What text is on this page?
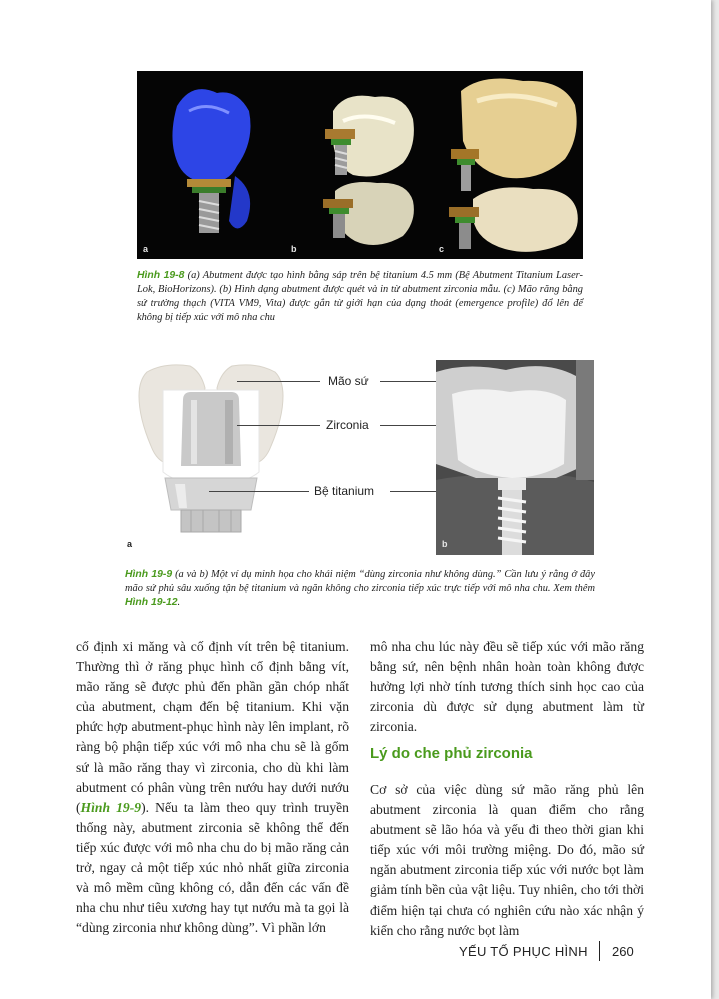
a	b	c
Hình 19-8 (a) Abutment được tạo hình bằng sáp trên bệ titanium 4.5 mm (Bệ Abutment Titanium Laser-Lok, BioHorizons). (b) Hình dạng abutment được quét và in từ abutment zirconia mẫu. (c) Mão răng bằng sứ trường thạch (VITA VM9, Vita) được gắn từ giới hạn của dạng thoát (emergence profile) đổ lên để không bị tiếp xúc với mô nha chu
Mão sứ
Zirconia
Bệ titanium
a	b
Hình 19-9 (a và b) Một ví dụ minh họa cho khái niệm “dùng zirconia như không dùng.” Cần lưu ý rằng ở đây mão sứ phủ sâu xuống tận bệ titanium và ngăn không cho zirconia tiếp xúc trực tiếp với mô nha chu. Xem thêm Hình 19-12.

cố định xi măng và cố định vít trên bệ titanium. Thường thì ở răng phục hình cố định bằng vít, mão răng sẽ được phủ đến phần gần chóp nhất của abutment, chạm đến bệ titanium. Khi vặn phức hợp abutment-phục hình này lên implant, rõ ràng bộ phận tiếp xúc với mô nha chu sẽ là gốm sứ là mão răng thay vì zirconia, cho dù khi làm abutment có phân vùng trên nướu hay dưới nướu (Hình 19-9). Nếu ta làm theo quy trình truyền thống này, abutment zirconia sẽ không thể đến tiếp xúc được với mô nha chu do bị mão răng cản trở, ngay cả một tiếp xúc nhỏ nhất giữa zirconia và mô mềm cũng không có, dẫn đến các vấn đề nha chu như tiêu xương hay tụt nướu mà ta gọi là “dùng zirconia như không dùng”. Vì phần lớn

mô nha chu lúc này đều sẽ tiếp xúc với mão răng bằng sứ, nên bệnh nhân hoàn toàn không được hưởng lợi nhờ tính tương thích sinh học cao của zirconia dù được sử dụng abutment làm từ zirconia.

Lý do che phủ zirconia

Cơ sở của việc dùng sứ mão răng phủ lên abutment zirconia là quan điểm cho rằng abutment sẽ lão hóa và yếu đi theo thời gian khi tiếp xúc với môi trường miệng. Do đó, mão sứ ngăn abutment zirconia tiếp xúc với nước bọt làm giảm tính bền của vật liệu. Tuy nhiên, cho tới thời điểm hiện tại chưa có nghiên cứu nào xác nhận ý kiến cho rằng nước bọt làm

YẾU TỐ PHỤC HÌNH 260
